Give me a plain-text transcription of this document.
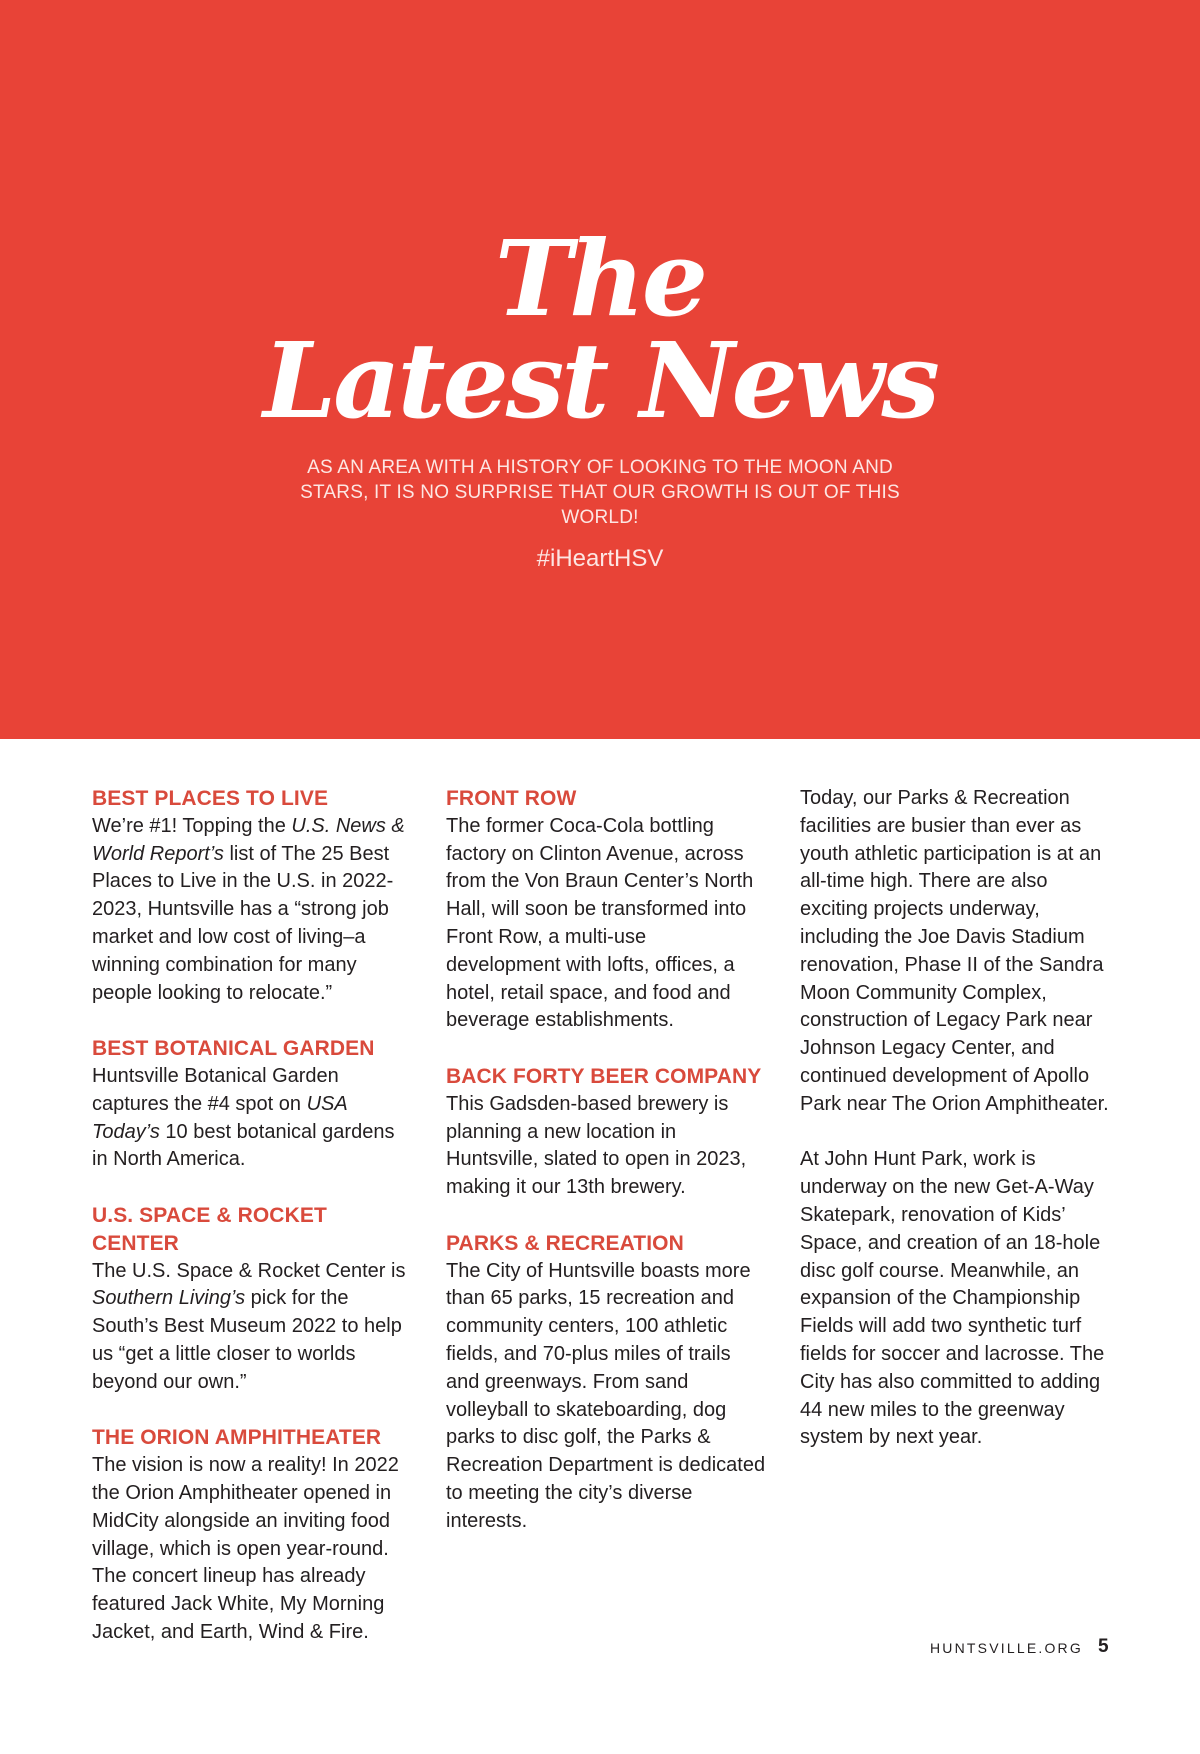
The
Latest News

AS AN AREA WITH A HISTORY OF LOOKING TO THE MOON AND STARS, IT IS NO SURPRISE THAT OUR GROWTH IS OUT OF THIS WORLD!

#iHeartHSV
BEST PLACES TO LIVE

We’re #1! Topping the U.S. News & World Report’s list of The 25 Best Places to Live in the U.S. in 2022-2023, Huntsville has a “strong job market and low cost of living–a winning combination for many people looking to relocate.”

BEST BOTANICAL GARDEN

Huntsville Botanical Garden captures the #4 spot on USA Today’s 10 best botanical gardens in North America.

U.S. SPACE & ROCKET CENTER

The U.S. Space & Rocket Center is Southern Living’s pick for the South’s Best Museum 2022 to help us “get a little closer to worlds beyond our own.”

THE ORION AMPHITHEATER

The vision is now a reality! In 2022 the Orion Amphitheater opened in MidCity alongside an inviting food village, which is open year-round. The concert lineup has already featured Jack White, My Morning Jacket, and Earth, Wind & Fire.

FRONT ROW

The former Coca-Cola bottling factory on Clinton Avenue, across from the Von Braun Center’s North Hall, will soon be transformed into Front Row, a multi-use development with lofts, offices, a hotel, retail space, and food and beverage establishments.

BACK FORTY BEER COMPANY

This Gadsden-based brewery is planning a new location in Huntsville, slated to open in 2023, making it our 13th brewery.

PARKS & RECREATION

The City of Huntsville boasts more than 65 parks, 15 recreation and community centers, 100 athletic fields, and 70-plus miles of trails and greenways. From sand volleyball to skateboarding, dog parks to disc golf, the Parks & Recreation Department is dedicated to meeting the city’s diverse interests.

Today, our Parks & Recreation facilities are busier than ever as youth athletic participation is at an all-time high. There are also exciting projects underway, including the Joe Davis Stadium renovation, Phase II of the Sandra Moon Community Complex, construction of Legacy Park near Johnson Legacy Center, and continued development of Apollo Park near The Orion Amphitheater.

At John Hunt Park, work is underway on the new Get-A-Way Skatepark, renovation of Kids’ Space, and creation of an 18-hole disc golf course. Meanwhile, an expansion of the Championship Fields will add two synthetic turf fields for soccer and lacrosse. The City has also committed to adding 44 new miles to the greenway system by next year.

HUNTSVILLE.ORG 5
